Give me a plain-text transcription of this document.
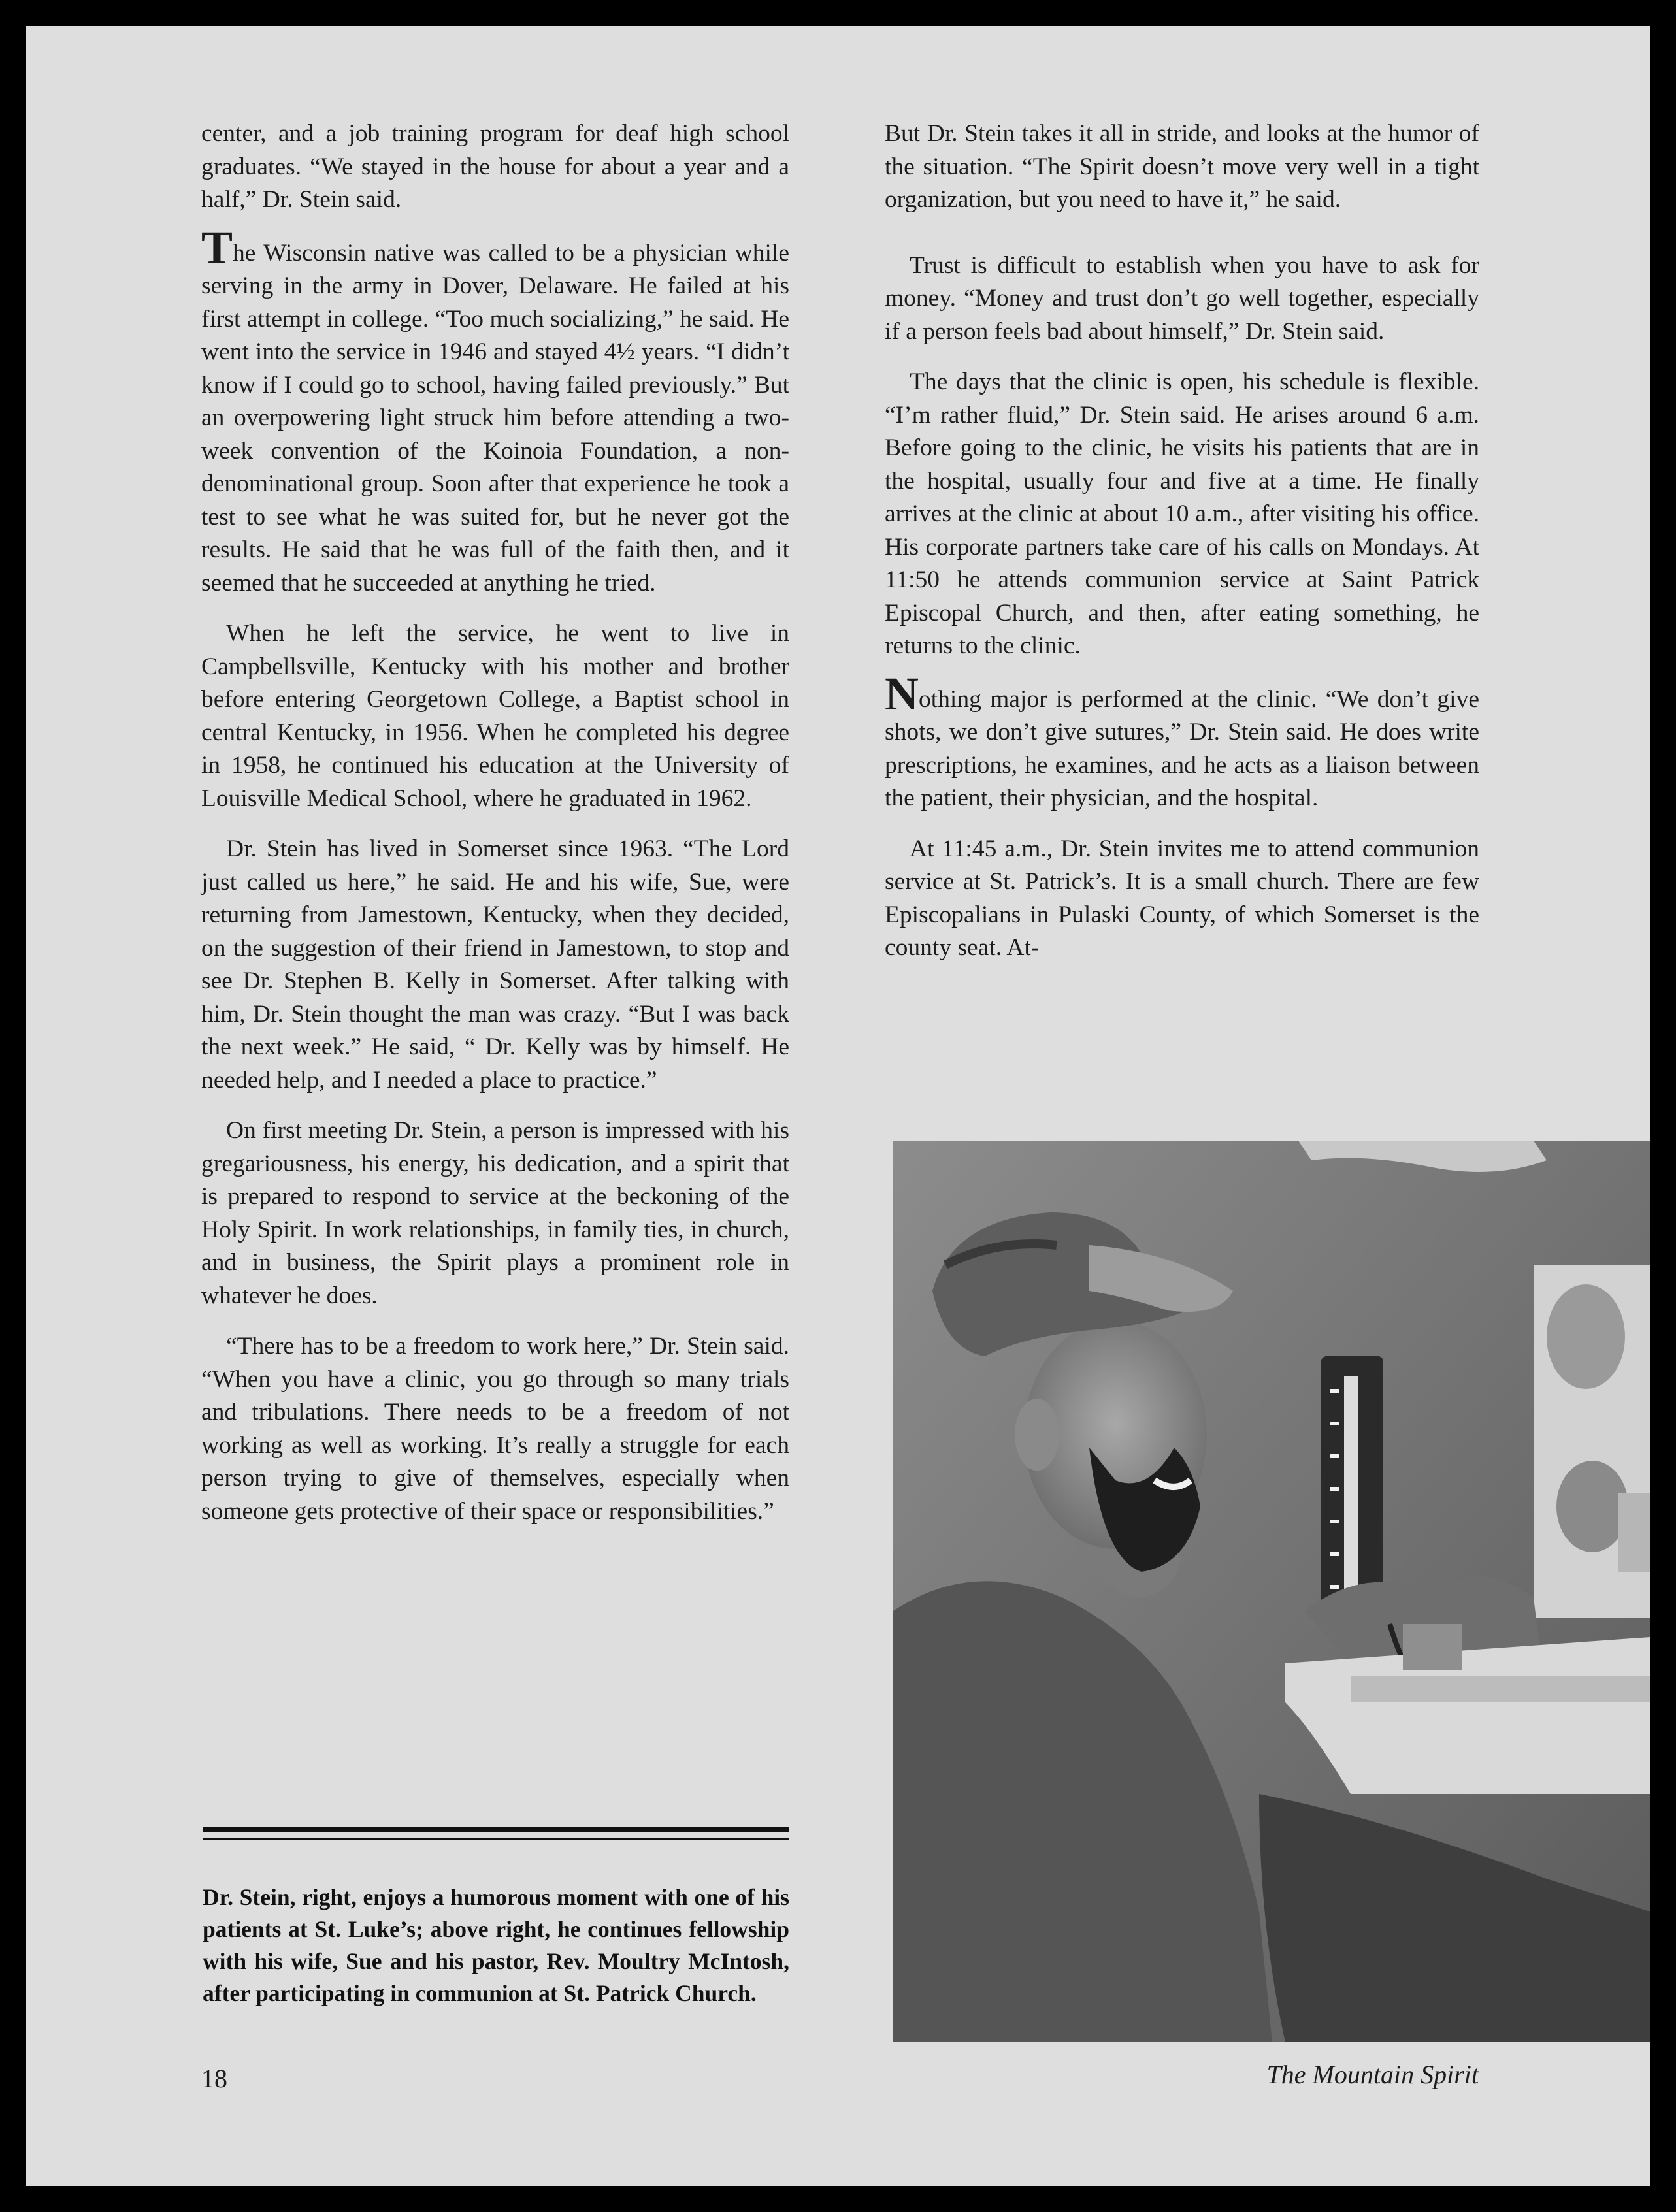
center, and a job training program for deaf high school graduates. “We stayed in the house for about a year and a half,” Dr. Stein said.

The Wisconsin native was called to be a physician while serving in the army in Dover, Delaware. He failed at his first attempt in college. “Too much socializing,” he said. He went into the service in 1946 and stayed 4½ years. “I didn’t know if I could go to school, having failed previously.” But an overpowering light struck him before attending a two-week convention of the Koinoia Foundation, a non-denominational group. Soon after that experience he took a test to see what he was suited for, but he never got the results. He said that he was full of the faith then, and it seemed that he succeeded at anything he tried.

When he left the service, he went to live in Campbellsville, Kentucky with his mother and brother before entering Georgetown College, a Baptist school in central Kentucky, in 1956. When he completed his degree in 1958, he continued his education at the University of Louisville Medical School, where he graduated in 1962.

Dr. Stein has lived in Somerset since 1963. “The Lord just called us here,” he said. He and his wife, Sue, were returning from Jamestown, Kentucky, when they decided, on the suggestion of their friend in Jamestown, to stop and see Dr. Stephen B. Kelly in Somerset. After talking with him, Dr. Stein thought the man was crazy. “But I was back the next week.” He said, “ Dr. Kelly was by himself. He needed help, and I needed a place to practice.”

On first meeting Dr. Stein, a person is impressed with his gregariousness, his energy, his dedication, and a spirit that is prepared to respond to service at the beckoning of the Holy Spirit. In work relationships, in family ties, in church, and in business, the Spirit plays a prominent role in whatever he does.

“There has to be a freedom to work here,” Dr. Stein said. “When you have a clinic, you go through so many trials and tribulations. There needs to be a freedom of not working as well as working. It’s really a struggle for each person trying to give of themselves, especially when someone gets protective of their space or responsibilities.”

But Dr. Stein takes it all in stride, and looks at the humor of the situation. “The Spirit doesn’t move very well in a tight organization, but you need to have it,” he said.

Trust is difficult to establish when you have to ask for money. “Money and trust don’t go well together, especially if a person feels bad about himself,” Dr. Stein said.

The days that the clinic is open, his schedule is flexible. “I’m rather fluid,” Dr. Stein said. He arises around 6 a.m. Before going to the clinic, he visits his patients that are in the hospital, usually four and five at a time. He finally arrives at the clinic at about 10 a.m., after visiting his office. His corporate partners take care of his calls on Mondays. At 11:50 he attends communion service at Saint Patrick Episcopal Church, and then, after eating something, he returns to the clinic.

Nothing major is performed at the clinic. “We don’t give shots, we don’t give sutures,” Dr. Stein said. He does write prescriptions, he examines, and he acts as a liaison between the patient, their physician, and the hospital.

At 11:45 a.m., Dr. Stein invites me to attend communion service at St. Patrick’s. It is a small church. There are few Episcopalians in Pulaski County, of which Somerset is the county seat. At-

Dr. Stein, right, enjoys a humorous moment with one of his patients at St. Luke’s; above right, he continues fellowship with his wife, Sue and his pastor, Rev. Moultry McIntosh, after participating in communion at St. Patrick Church.
18	The Mountain Spirit
